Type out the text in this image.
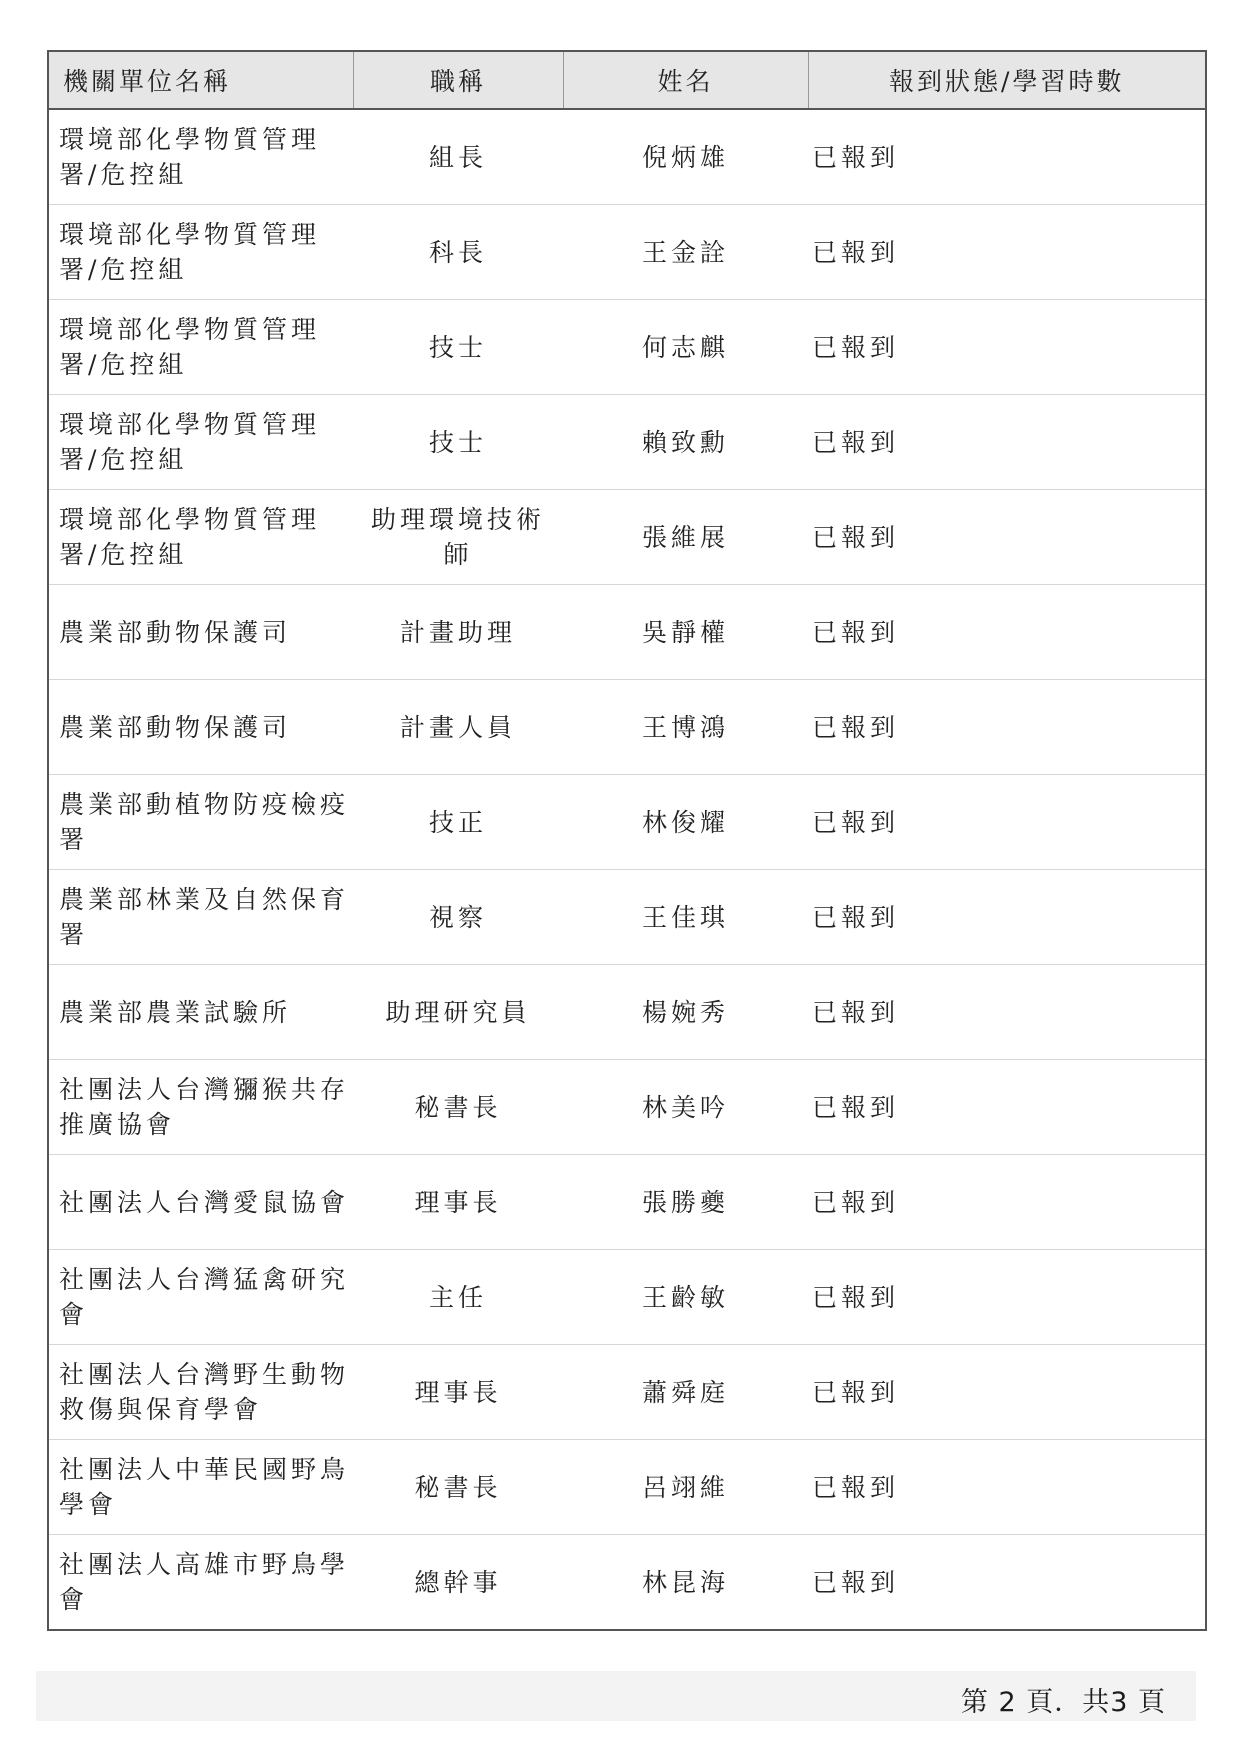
機關單位名稱	職稱	姓名	報到狀態/學習時數
環境部化學物質管理署/危控組	組長	倪炳雄	已報到
環境部化學物質管理署/危控組	科長	王金詮	已報到
環境部化學物質管理署/危控組	技士	何志麒	已報到
環境部化學物質管理署/危控組	技士	賴致勳	已報到
環境部化學物質管理署/危控組	助理環境技術師	張維展	已報到
農業部動物保護司	計畫助理	吳靜權	已報到
農業部動物保護司	計畫人員	王博鴻	已報到
農業部動植物防疫檢疫署	技正	林俊耀	已報到
農業部林業及自然保育署	視察	王佳琪	已報到
農業部農業試驗所	助理研究員	楊婉秀	已報到
社團法人台灣獼猴共存推廣協會	秘書長	林美吟	已報到
社團法人台灣愛鼠協會	理事長	張勝夔	已報到
社團法人台灣猛禽研究會	主任	王齡敏	已報到
社團法人台灣野生動物救傷與保育學會	理事長	蕭舜庭	已報到
社團法人中華民國野鳥學會	秘書長	呂翊維	已報到
社團法人高雄市野鳥學會	總幹事	林昆海	已報到
第 2 頁．共3 頁
